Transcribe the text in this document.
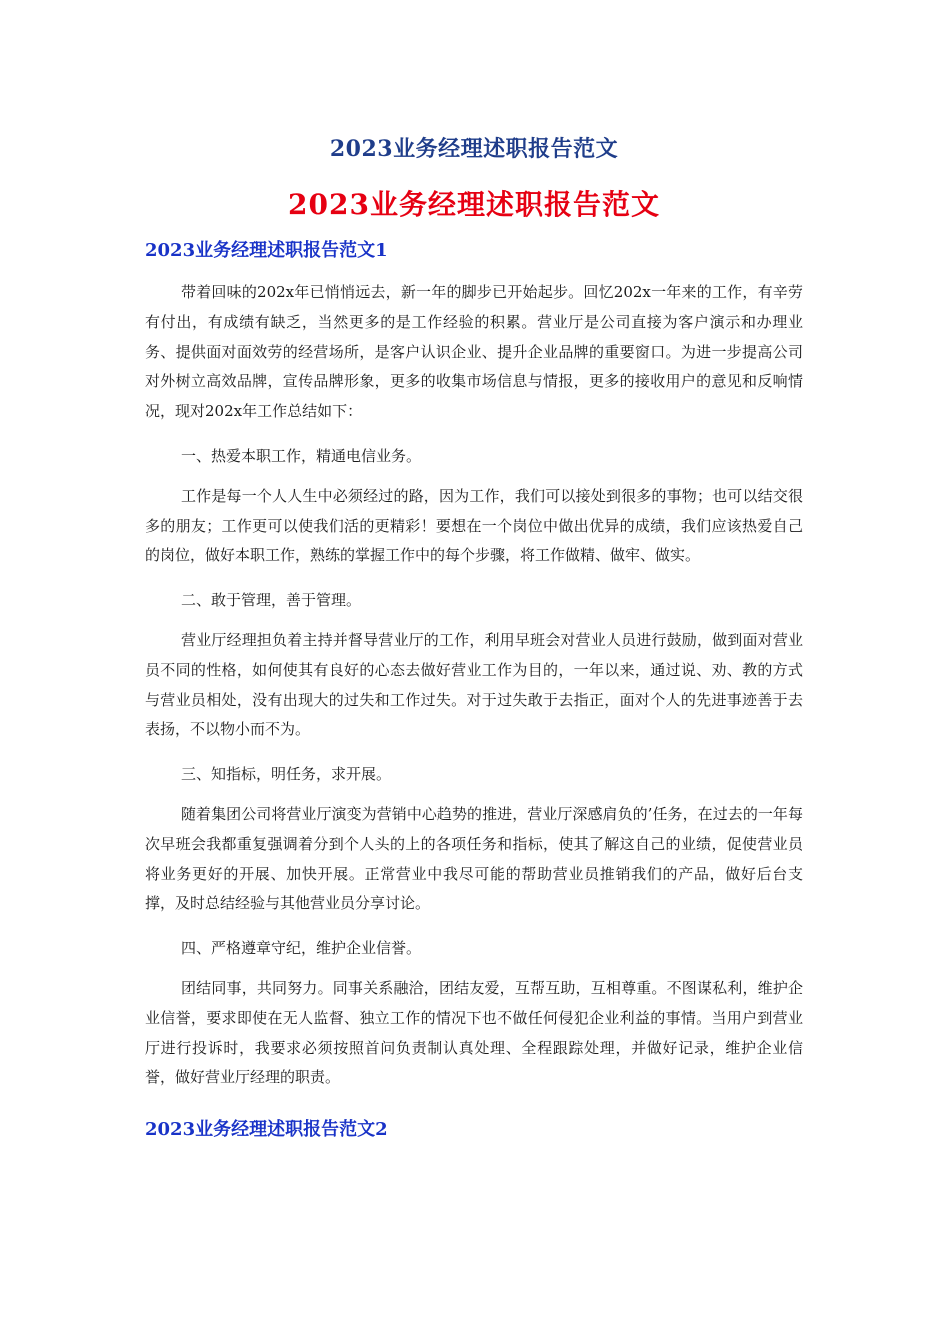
2023业务经理述职报告范文
2023业务经理述职报告范文
2023业务经理述职报告范文1

带着回味的202x年已悄悄远去，新一年的脚步已开始起步。回忆202x一年来的工作，有辛劳有付出，有成绩有缺乏，当然更多的是工作经验的积累。营业厅是公司直接为客户演示和办理业务、提供面对面效劳的经营场所，是客户认识企业、提升企业品牌的重要窗口。为进一步提高公司对外树立高效品牌，宣传品牌形象，更多的收集市场信息与情报，更多的接收用户的意见和反响情况，现对202x年工作总结如下：

一、热爱本职工作，精通电信业务。

工作是每一个人人生中必须经过的路，因为工作，我们可以接处到很多的事物；也可以结交很多的朋友；工作更可以使我们活的更精彩！要想在一个岗位中做出优异的成绩，我们应该热爱自己的岗位，做好本职工作，熟练的掌握工作中的每个步骤，将工作做精、做牢、做实。

二、敢于管理，善于管理。

营业厅经理担负着主持并督导营业厅的工作，利用早班会对营业人员进行鼓励，做到面对营业员不同的性格，如何使其有良好的心态去做好营业工作为目的，一年以来，通过说、劝、教的方式与营业员相处，没有出现大的过失和工作过失。对于过失敢于去指正，面对个人的先进事迹善于去表扬，不以物小而不为。

三、知指标，明任务，求开展。

随着集团公司将营业厅演变为营销中心趋势的推进，营业厅深感肩负的’任务，在过去的一年每次早班会我都重复强调着分到个人头的上的各项任务和指标，使其了解这自己的业绩，促使营业员将业务更好的开展、加快开展。正常营业中我尽可能的帮助营业员推销我们的产品，做好后台支撑，及时总结经验与其他营业员分享讨论。

四、严格遵章守纪，维护企业信誉。

团结同事，共同努力。同事关系融洽，团结友爱，互帮互助，互相尊重。不图谋私利，维护企业信誉，要求即使在无人监督、独立工作的情况下也不做任何侵犯企业利益的事情。当用户到营业厅进行投诉时，我要求必须按照首问负责制认真处理、全程跟踪处理，并做好记录，维护企业信誉，做好营业厅经理的职责。

2023业务经理述职报告范文2
